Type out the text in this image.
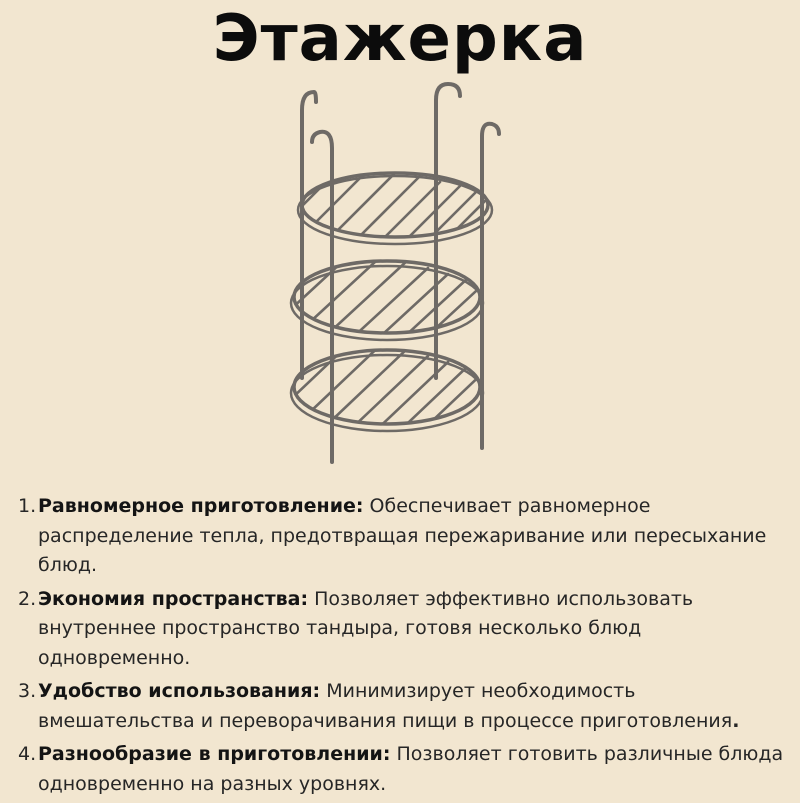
Этажерка
1. Равномерное приготовление: Обеспечивает равномерное распределение тепла, предотвращая пережаривание или пересыхание блюд.
2. Экономия пространства: Позволяет эффективно использовать внутреннее пространство тандыра, готовя несколько блюд одновременно.
3. Удобство использования: Минимизирует необходимость вмешательства и переворачивания пищи в процессе приготовления.
4. Разнообразие в приготовлении: Позволяет готовить различные блюда одновременно на разных уровнях.
